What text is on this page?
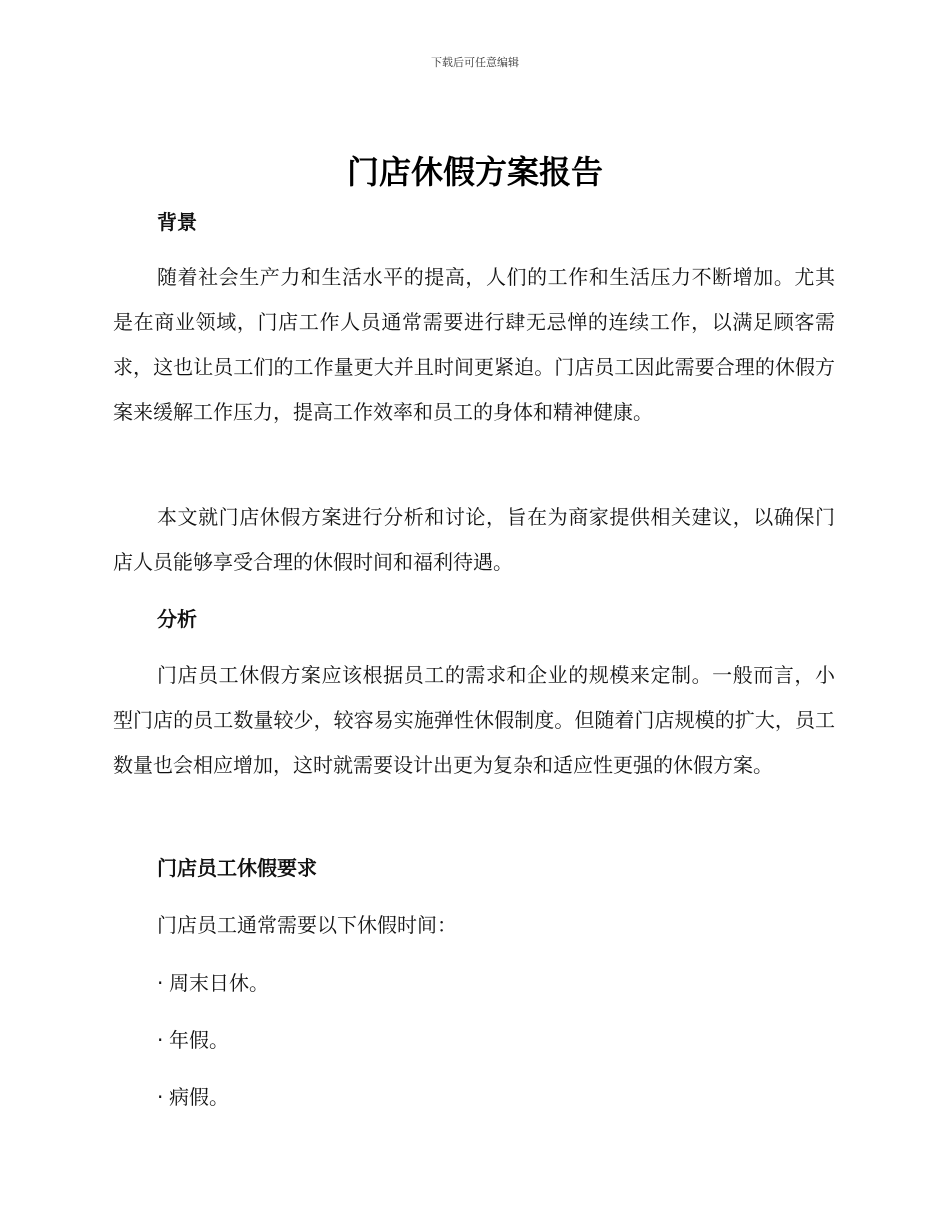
下载后可任意编辑
门店休假方案报告
背景

随着社会生产力和生活水平的提高，人们的工作和生活压力不断增加。尤其是在商业领域，门店工作人员通常需要进行肆无忌惮的连续工作，以满足顾客需求，这也让员工们的工作量更大并且时间更紧迫。门店员工因此需要合理的休假方案来缓解工作压力，提高工作效率和员工的身体和精神健康。

本文就门店休假方案进行分析和讨论，旨在为商家提供相关建议，以确保门店人员能够享受合理的休假时间和福利待遇。

分析

门店员工休假方案应该根据员工的需求和企业的规模来定制。一般而言，小型门店的员工数量较少，较容易实施弹性休假制度。但随着门店规模的扩大，员工数量也会相应增加，这时就需要设计出更为复杂和适应性更强的休假方案。

门店员工休假要求

门店员工通常需要以下休假时间：

· 周末日休。
· 年假。
· 病假。
